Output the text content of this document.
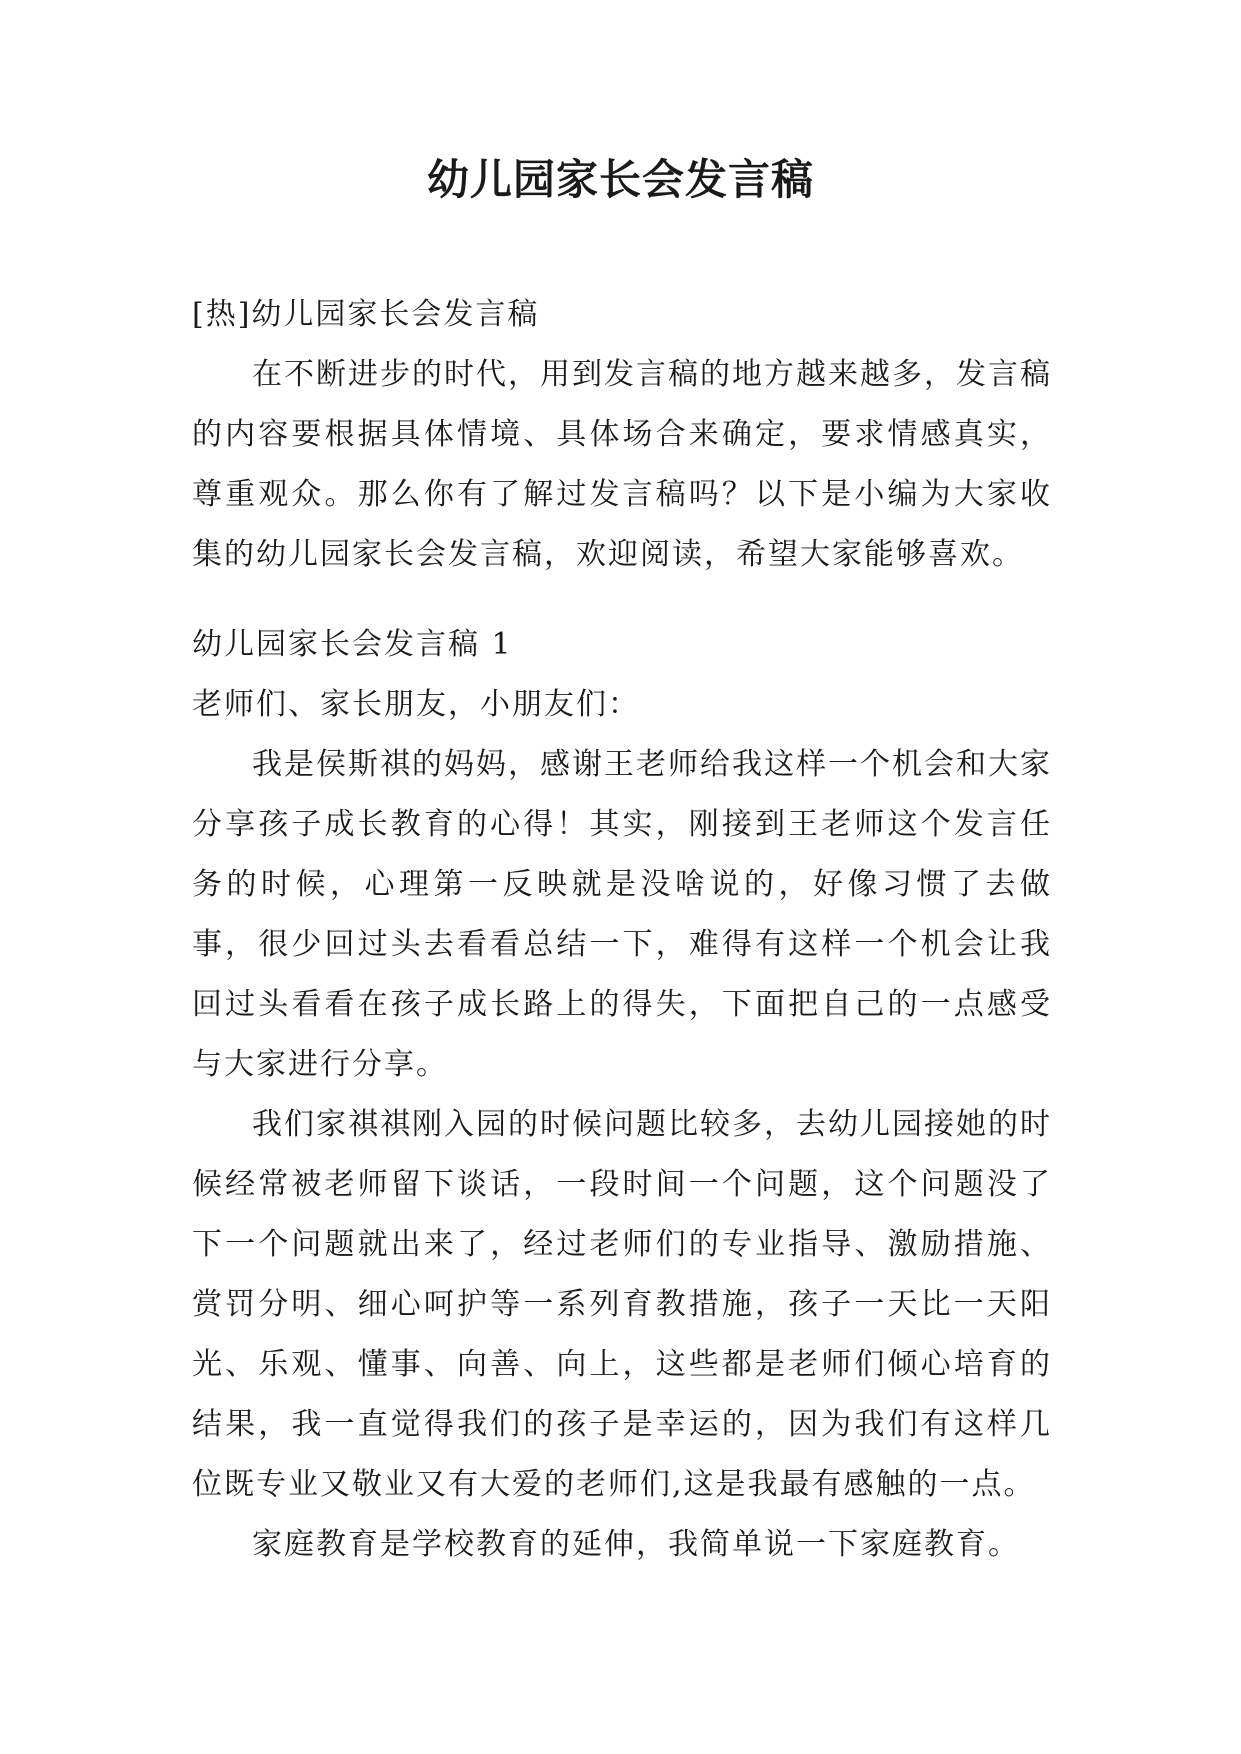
幼儿园家长会发言稿

[热]幼儿园家长会发言稿

在不断进步的时代，用到发言稿的地方越来越多，发言稿的内容要根据具体情境、具体场合来确定，要求情感真实，尊重观众。那么你有了解过发言稿吗？以下是小编为大家收集的幼儿园家长会发言稿，欢迎阅读，希望大家能够喜欢。

幼儿园家长会发言稿 1

老师们、家长朋友，小朋友们：

我是侯斯祺的妈妈，感谢王老师给我这样一个机会和大家分享孩子成长教育的心得！其实，刚接到王老师这个发言任务的时候，心理第一反映就是没啥说的，好像习惯了去做事，很少回过头去看看总结一下，难得有这样一个机会让我回过头看看在孩子成长路上的得失，下面把自己的一点感受与大家进行分享。

我们家祺祺刚入园的时候问题比较多，去幼儿园接她的时候经常被老师留下谈话，一段时间一个问题，这个问题没了下一个问题就出来了，经过老师们的专业指导、激励措施、赏罚分明、细心呵护等一系列育教措施，孩子一天比一天阳光、乐观、懂事、向善、向上，这些都是老师们倾心培育的结果，我一直觉得我们的孩子是幸运的，因为我们有这样几位既专业又敬业又有大爱的老师们,这是我最有感触的一点。

家庭教育是学校教育的延伸，我简单说一下家庭教育。
